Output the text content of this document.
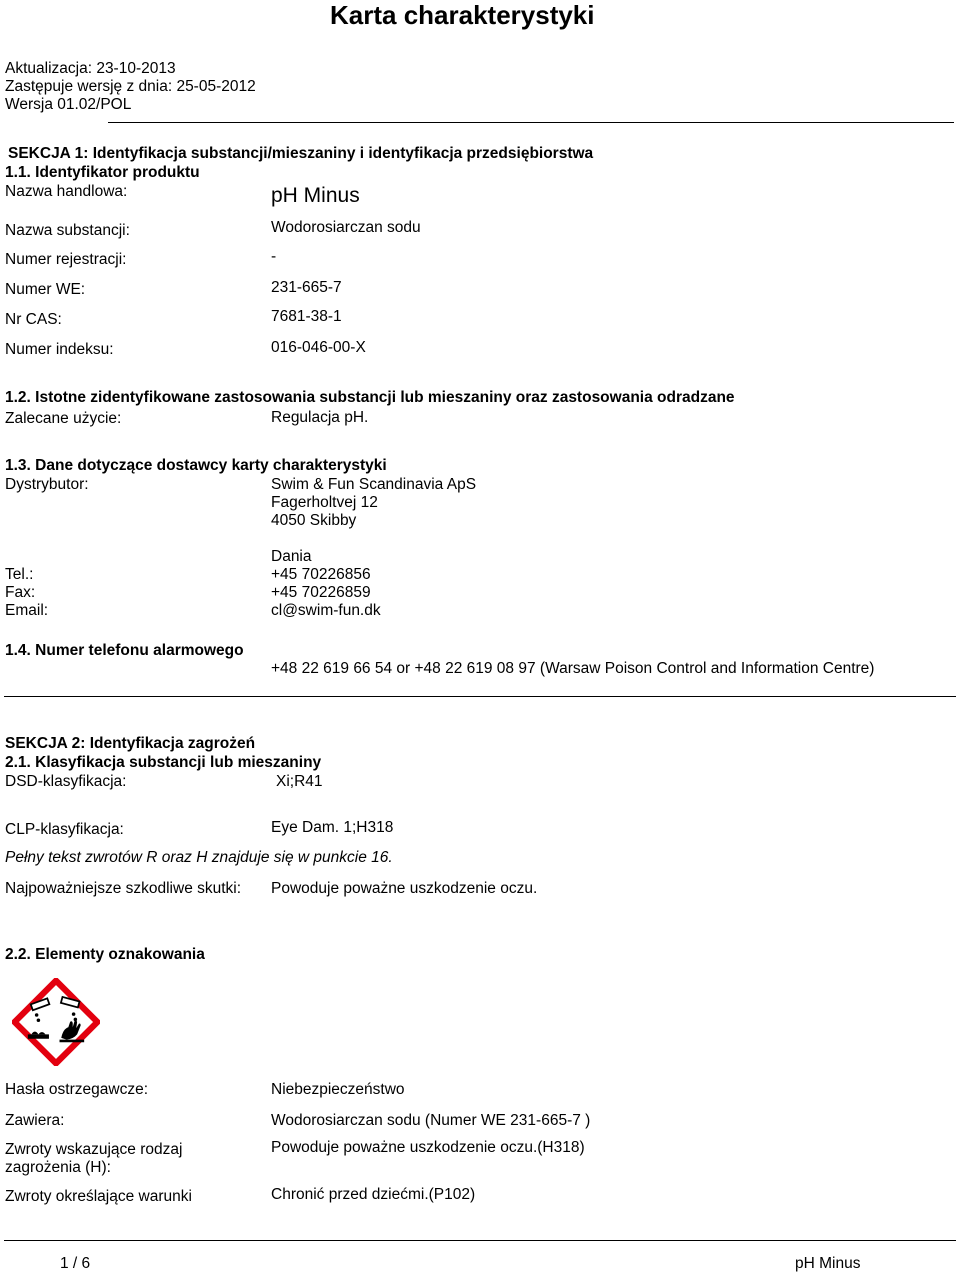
Karta charakterystyki
Aktualizacja: 23-10-2013
Zastępuje wersję z dnia: 25-05-2012
Wersja 01.02/POL
SEKCJA 1: Identyfikacja substancji/mieszaniny i identyfikacja przedsiębiorstwa
1.1. Identyfikator produktu
Nazwa handlowa:	pH Minus
Nazwa substancji:	Wodorosiarczan sodu
Numer rejestracji:	-
Numer WE:	231-665-7
Nr CAS:	7681-38-1
Numer indeksu:	016-046-00-X
1.2. Istotne zidentyfikowane zastosowania substancji lub mieszaniny oraz zastosowania odradzane
Zalecane użycie:	Regulacja pH.
1.3. Dane dotyczące dostawcy karty charakterystyki
Dystrybutor:	Swim & Fun Scandinavia ApS
Fagerholtvej 12
4050 Skibby
Dania
Tel.:	+45 70226856
Fax:	+45 70226859
Email:	cl@swim-fun.dk
1.4. Numer telefonu alarmowego
+48 22 619 66 54 or +48 22 619 08 97 (Warsaw Poison Control and Information Centre)
SEKCJA 2: Identyfikacja zagrożeń
2.1. Klasyfikacja substancji lub mieszaniny
DSD-klasyfikacja:	Xi;R41
CLP-klasyfikacja:	Eye Dam. 1;H318
Pełny tekst zwrotów R oraz H znajduje się w punkcie 16.
Najpoważniejsze szkodliwe skutki: Powoduje poważne uszkodzenie oczu.
2.2. Elementy oznakowania
Hasła ostrzegawcze:	Niebezpieczeństwo
Zawiera:	Wodorosiarczan sodu (Numer WE 231-665-7 )
Zwroty wskazujące rodzaj
zagrożenia (H):
Powoduje poważne uszkodzenie oczu.(H318)
Zwroty określające warunki	Chronić przed dziećmi.(P102)
1 / 6	pH Minus
